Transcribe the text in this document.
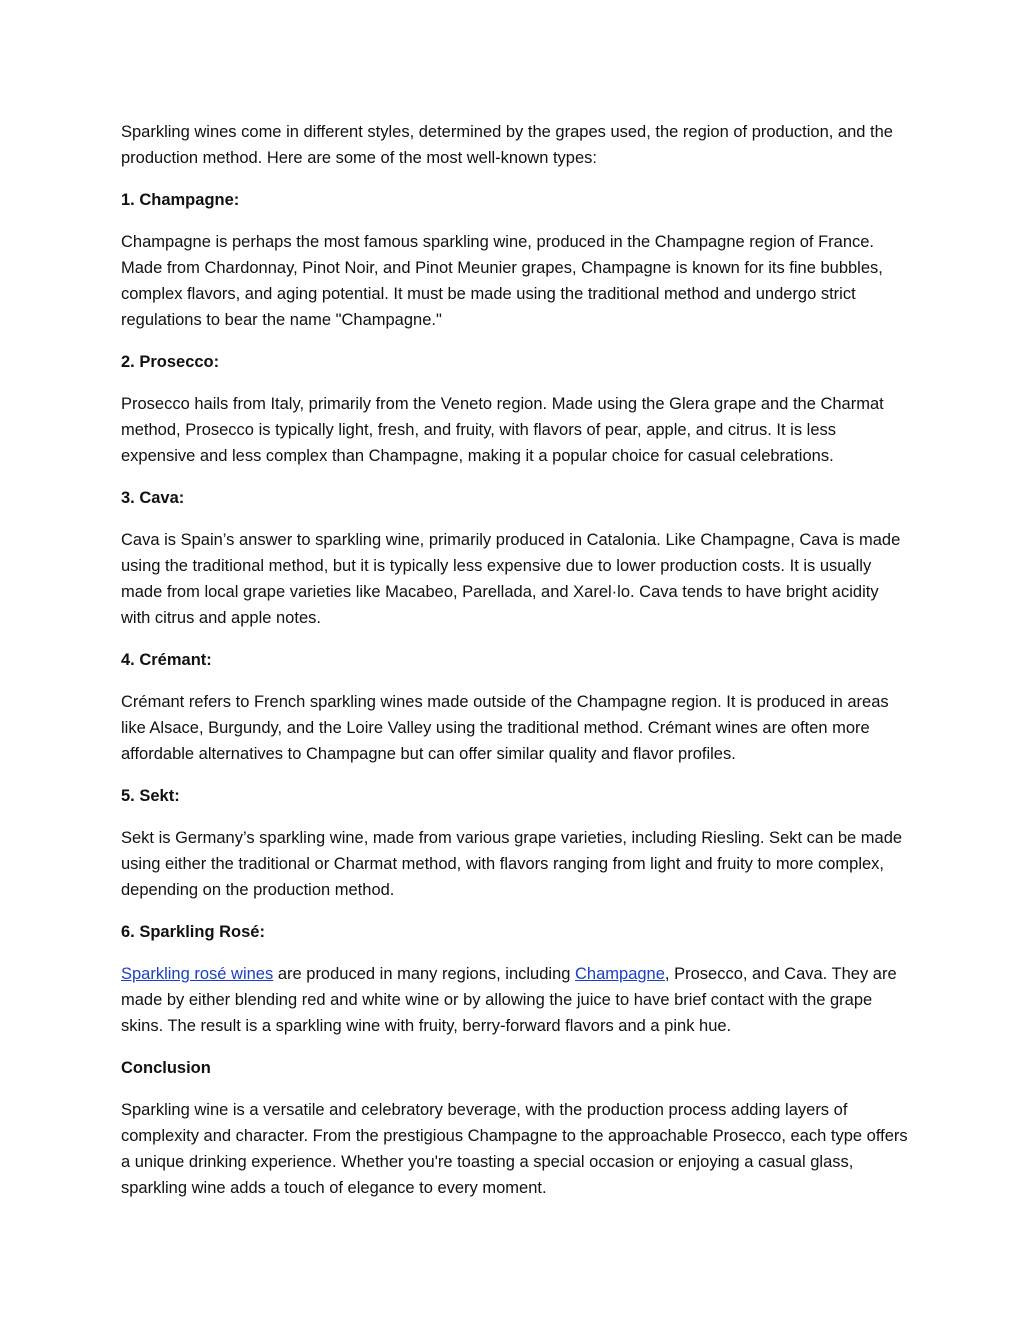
Sparkling wines come in different styles, determined by the grapes used, the region of production, and the production method. Here are some of the most well-known types:

1. Champagne:

Champagne is perhaps the most famous sparkling wine, produced in the Champagne region of France. Made from Chardonnay, Pinot Noir, and Pinot Meunier grapes, Champagne is known for its fine bubbles, complex flavors, and aging potential. It must be made using the traditional method and undergo strict regulations to bear the name "Champagne."

2. Prosecco:

Prosecco hails from Italy, primarily from the Veneto region. Made using the Glera grape and the Charmat method, Prosecco is typically light, fresh, and fruity, with flavors of pear, apple, and citrus. It is less expensive and less complex than Champagne, making it a popular choice for casual celebrations.

3. Cava:

Cava is Spain’s answer to sparkling wine, primarily produced in Catalonia. Like Champagne, Cava is made using the traditional method, but it is typically less expensive due to lower production costs. It is usually made from local grape varieties like Macabeo, Parellada, and Xarel·lo. Cava tends to have bright acidity with citrus and apple notes.

4. Crémant:

Crémant refers to French sparkling wines made outside of the Champagne region. It is produced in areas like Alsace, Burgundy, and the Loire Valley using the traditional method. Crémant wines are often more affordable alternatives to Champagne but can offer similar quality and flavor profiles.

5. Sekt:

Sekt is Germany’s sparkling wine, made from various grape varieties, including Riesling. Sekt can be made using either the traditional or Charmat method, with flavors ranging from light and fruity to more complex, depending on the production method.

6. Sparkling Rosé:

Sparkling rosé wines are produced in many regions, including Champagne, Prosecco, and Cava. They are made by either blending red and white wine or by allowing the juice to have brief contact with the grape skins. The result is a sparkling wine with fruity, berry-forward flavors and a pink hue.

Conclusion

Sparkling wine is a versatile and celebratory beverage, with the production process adding layers of complexity and character. From the prestigious Champagne to the approachable Prosecco, each type offers a unique drinking experience. Whether you're toasting a special occasion or enjoying a casual glass, sparkling wine adds a touch of elegance to every moment.
